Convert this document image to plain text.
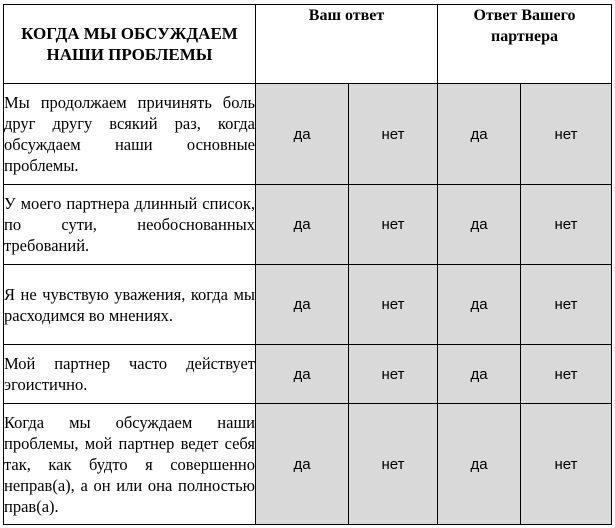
КОГДА МЫ ОБСУЖДАЕМ НАШИ ПРОБЛЕМЫ	Ваш ответ		Ответ Вашего партнера	
Мы продолжаем причинять боль друг другу всякий раз, когда обсуждаем наши основные проблемы.	да	нет	да	нет
У моего партнера длинный список, по сути, необоснованных требований.	да	нет	да	нет
Я не чувствую уважения, когда мы расходимся во мнениях.	да	нет	да	нет
Мой партнер часто действует эгоистично.	да	нет	да	нет
Когда мы обсуждаем наши проблемы, мой партнер ведет себя так, как будто я совершенно неправ(а), а он или она полностью прав(а).	да	нет	да	нет
